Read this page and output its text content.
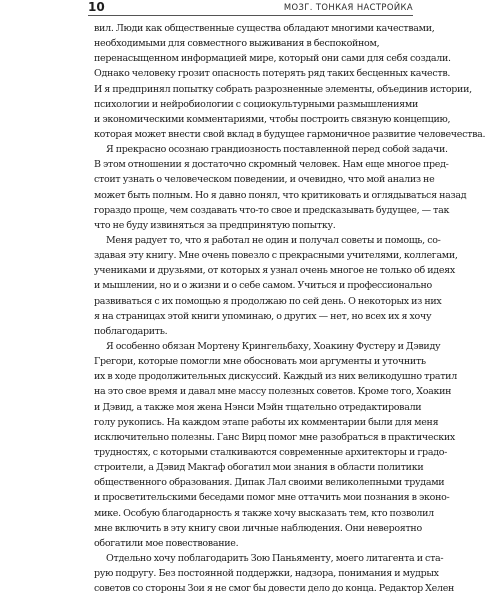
10	МОЗГ. ТОНКАЯ НАСТРОЙКА
вил. Люди как общественные существа обладают многими качествами,
необходимыми для совместного выживания в беспокойном,
перенасыщенном информацией мире, который они сами для себя создали.
Однако человеку грозит опасность потерять ряд таких бесценных качеств.
И я предпринял попытку собрать разрозненные элементы, объединив истории,
психологии и нейробиологии с социокультурными размышлениями
и экономическими комментариями, чтобы построить связную концепцию,
которая может внести свой вклад в будущее гармоничное развитие человечества.
Я прекрасно осознаю грандиозность поставленной перед собой задачи.
В этом отношении я достаточно скромный человек. Нам еще многое пред-
стоит узнать о человеческом поведении, и очевидно, что мой анализ не
может быть полным. Но я давно понял, что критиковать и оглядываться назад
гораздо проще, чем создавать что-то свое и предсказывать будущее, — так
что не буду извиняться за предпринятую попытку.
Меня радует то, что я работал не один и получал советы и помощь, со-
здавая эту книгу. Мне очень повезло с прекрасными учителями, коллегами,
учениками и друзьями, от которых я узнал очень многое не только об идеях
и мышлении, но и о жизни и о себе самом. Учиться и профессионально
развиваться с их помощью я продолжаю по сей день. О некоторых из них
я на страницах этой книги упоминаю, о других — нет, но всех их я хочу
поблагодарить.
Я особенно обязан Мортену Крингельбаху, Хоакину Фустеру и Дэвиду
Грегори, которые помогли мне обосновать мои аргументы и уточнить
их в ходе продолжительных дискуссий. Каждый из них великодушно тратил
на это свое время и давал мне массу полезных советов. Кроме того, Хоакин
и Дэвид, а также моя жена Нэнси Мэйн тщательно отредактировали
голу рукопись. На каждом этапе работы их комментарии были для меня
исключительно полезны. Ганс Вирц помог мне разобраться в практических
трудностях, с которыми сталкиваются современные архитекторы и градо-
строители, а Дэвид Макгаф обогатил мои знания в области политики
общественного образования. Дипак Лал своими великолепными трудами
и просветительскими беседами помог мне оттачить мои познания в эконо-
мике. Особую благодарность я также хочу высказать тем, кто позволил
мне включить в эту книгу свои личные наблюдения. Они невероятно
обогатили мое повествование.
Отдельно хочу поблагодарить Зою Паньяменту, моего литагента и ста-
рую подругу. Без постоянной поддержки, надзора, понимания и мудрых
советов со стороны Зои я не смог бы довести дело до конца. Редактор Хелен
